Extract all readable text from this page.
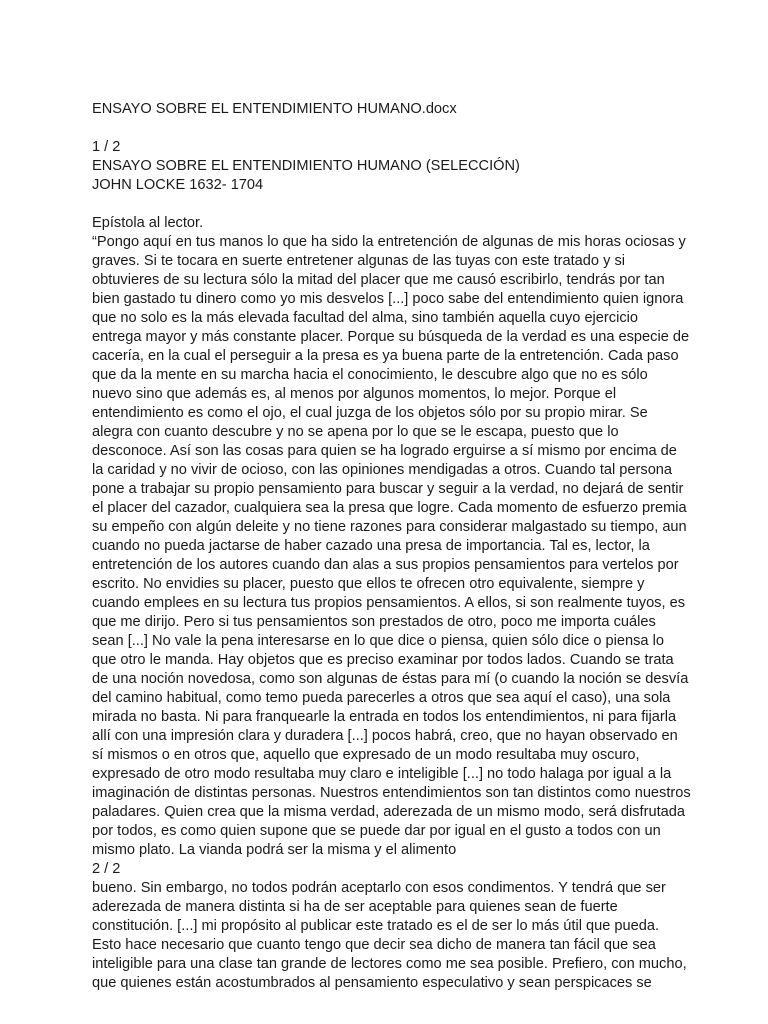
ENSAYO SOBRE EL ENTENDIMIENTO HUMANO.docx
1 / 2
ENSAYO SOBRE EL ENTENDIMIENTO HUMANO (SELECCIÓN)
JOHN LOCKE 1632- 1704
Epístola al lector.
“Pongo aquí en tus manos lo que ha sido la entretención de algunas de mis horas ociosas y
graves. Si te tocara en suerte entretener algunas de las tuyas con este tratado y si
obtuvieres de su lectura sólo la mitad del placer que me causó escribirlo, tendrás por tan
bien gastado tu dinero como yo mis desvelos [...] poco sabe del entendimiento quien ignora
que no solo es la más elevada facultad del alma, sino también aquella cuyo ejercicio
entrega mayor y más constante placer. Porque su búsqueda de la verdad es una especie de
cacería, en la cual el perseguir a la presa es ya buena parte de la entretención. Cada paso
que da la mente en su marcha hacia el conocimiento, le descubre algo que no es sólo
nuevo sino que además es, al menos por algunos momentos, lo mejor. Porque el
entendimiento es como el ojo, el cual juzga de los objetos sólo por su propio mirar. Se
alegra con cuanto descubre y no se apena por lo que se le escapa, puesto que lo
desconoce. Así son las cosas para quien se ha logrado erguirse a sí mismo por encima de
la caridad y no vivir de ocioso, con las opiniones mendigadas a otros. Cuando tal persona
pone a trabajar su propio pensamiento para buscar y seguir a la verdad, no dejará de sentir
el placer del cazador, cualquiera sea la presa que logre. Cada momento de esfuerzo premia
su empeño con algún deleite y no tiene razones para considerar malgastado su tiempo, aun
cuando no pueda jactarse de haber cazado una presa de importancia. Tal es, lector, la
entretención de los autores cuando dan alas a sus propios pensamientos para vertelos por
escrito. No envidies su placer, puesto que ellos te ofrecen otro equivalente, siempre y
cuando emplees en su lectura tus propios pensamientos. A ellos, si son realmente tuyos, es
que me dirijo. Pero si tus pensamientos son prestados de otro, poco me importa cuáles
sean [...] No vale la pena interesarse en lo que dice o piensa, quien sólo dice o piensa lo
que otro le manda. Hay objetos que es preciso examinar por todos lados. Cuando se trata
de una noción novedosa, como son algunas de éstas para mí (o cuando la noción se desvía
del camino habitual, como temo pueda parecerles a otros que sea aquí el caso), una sola
mirada no basta. Ni para franquearle la entrada en todos los entendimientos, ni para fijarla
allí con una impresión clara y duradera [...] pocos habrá, creo, que no hayan observado en
sí mismos o en otros que, aquello que expresado de un modo resultaba muy oscuro,
expresado de otro modo resultaba muy claro e inteligible [...] no todo halaga por igual a la
imaginación de distintas personas. Nuestros entendimientos son tan distintos como nuestros
paladares. Quien crea que la misma verdad, aderezada de un mismo modo, será disfrutada
por todos, es como quien supone que se puede dar por igual en el gusto a todos con un
mismo plato. La vianda podrá ser la misma y el alimento
2 / 2
bueno. Sin embargo, no todos podrán aceptarlo con esos condimentos. Y tendrá que ser
aderezada de manera distinta si ha de ser aceptable para quienes sean de fuerte
constitución. [...] mi propósito al publicar este tratado es el de ser lo más útil que pueda.
Esto hace necesario que cuanto tengo que decir sea dicho de manera tan fácil que sea
inteligible para una clase tan grande de lectores como me sea posible. Prefiero, con mucho,
que quienes están acostumbrados al pensamiento especulativo y sean perspicaces se
